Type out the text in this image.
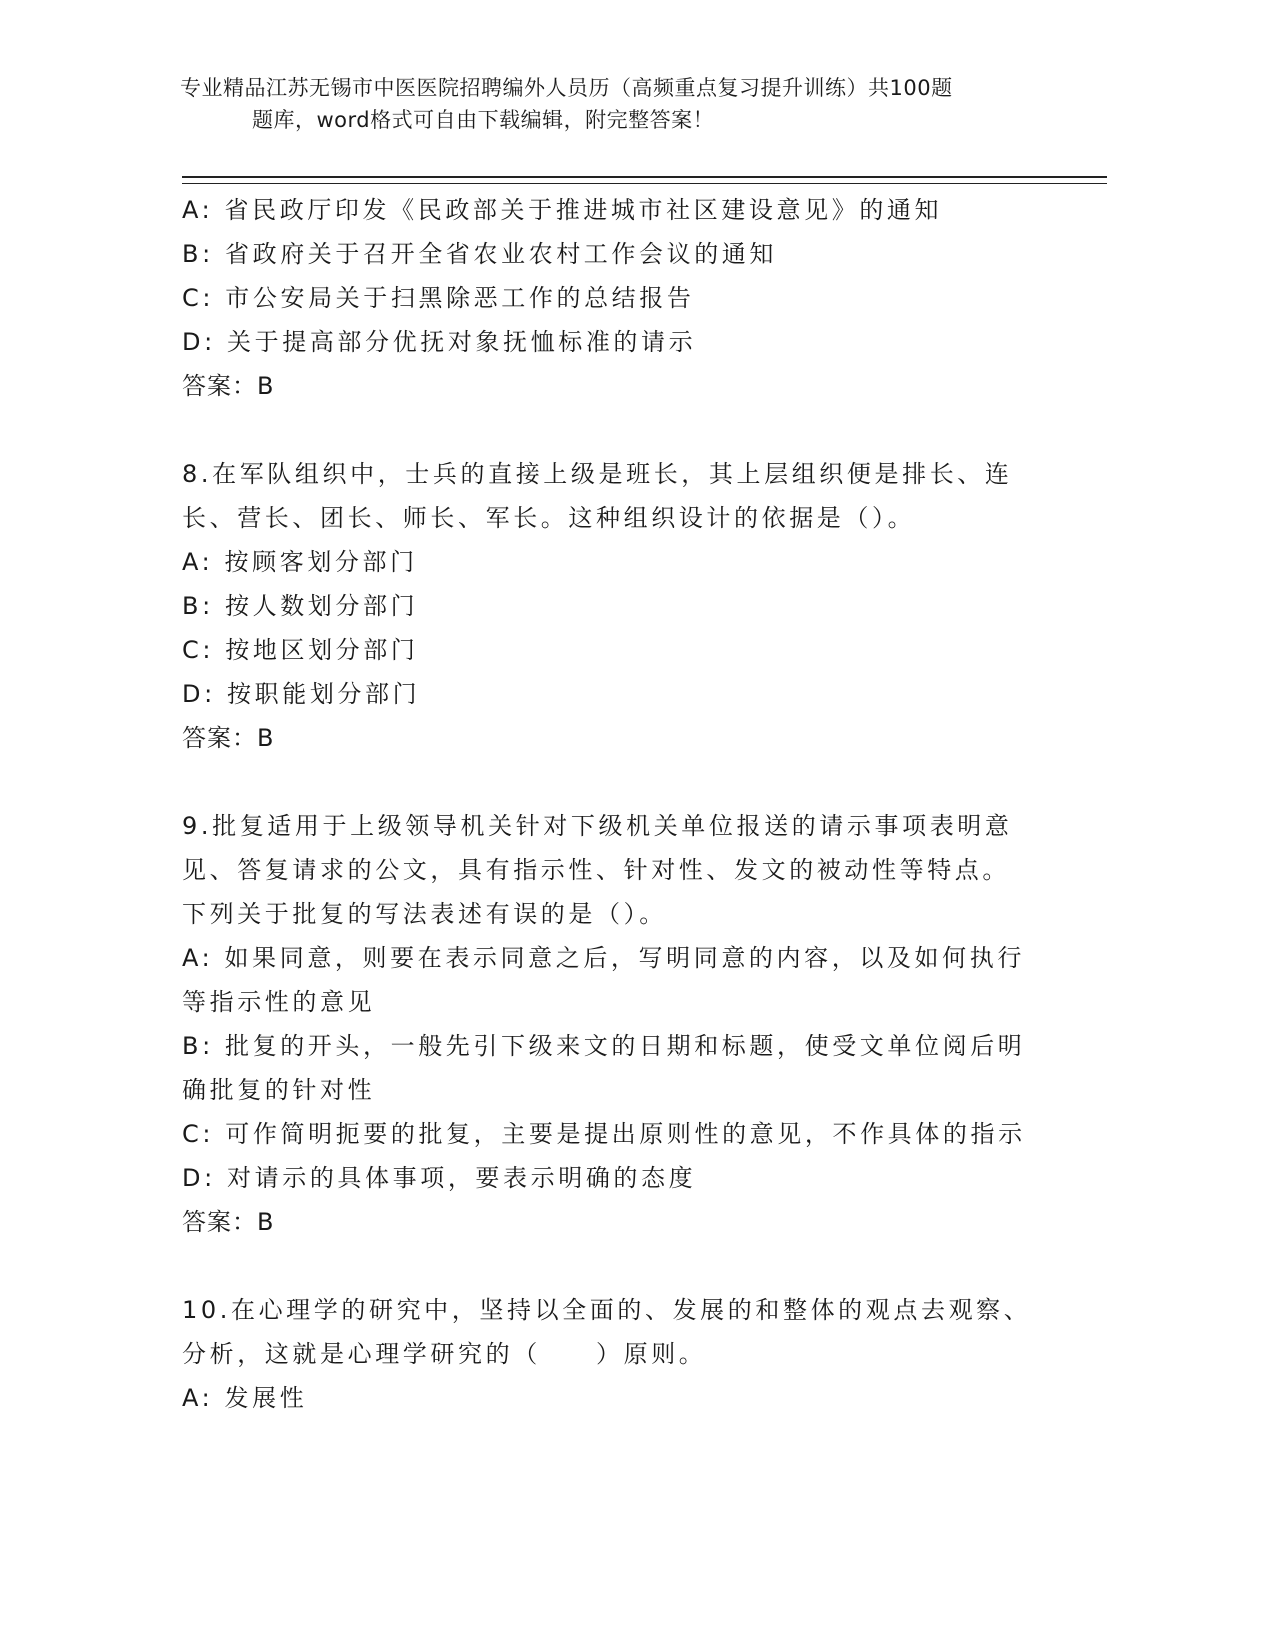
专业精品江苏无锡市中医医院招聘编外人员历（高频重点复习提升训练）共100题
题库，word格式可自由下载编辑，附完整答案！

A: 省民政厅印发《民政部关于推进城市社区建设意见》的通知

B: 省政府关于召开全省农业农村工作会议的通知

C: 市公安局关于扫黑除恶工作的总结报告

D: 关于提高部分优抚对象抚恤标准的请示

答案：B

8.在军队组织中，士兵的直接上级是班长，其上层组织便是排长、连

长、营长、团长、师长、军长。这种组织设计的依据是（）。

A: 按顾客划分部门

B: 按人数划分部门

C: 按地区划分部门

D: 按职能划分部门

答案：B

9.批复适用于上级领导机关针对下级机关单位报送的请示事项表明意

见、答复请求的公文，具有指示性、针对性、发文的被动性等特点。

下列关于批复的写法表述有误的是（）。

A: 如果同意，则要在表示同意之后，写明同意的内容，以及如何执行

等指示性的意见

B: 批复的开头，一般先引下级来文的日期和标题，使受文单位阅后明

确批复的针对性

C: 可作简明扼要的批复，主要是提出原则性的意见，不作具体的指示

D: 对请示的具体事项，要表示明确的态度

答案：B

10.在心理学的研究中，坚持以全面的、发展的和整体的观点去观察、

分析，这就是心理学研究的（　　）原则。

A: 发展性
